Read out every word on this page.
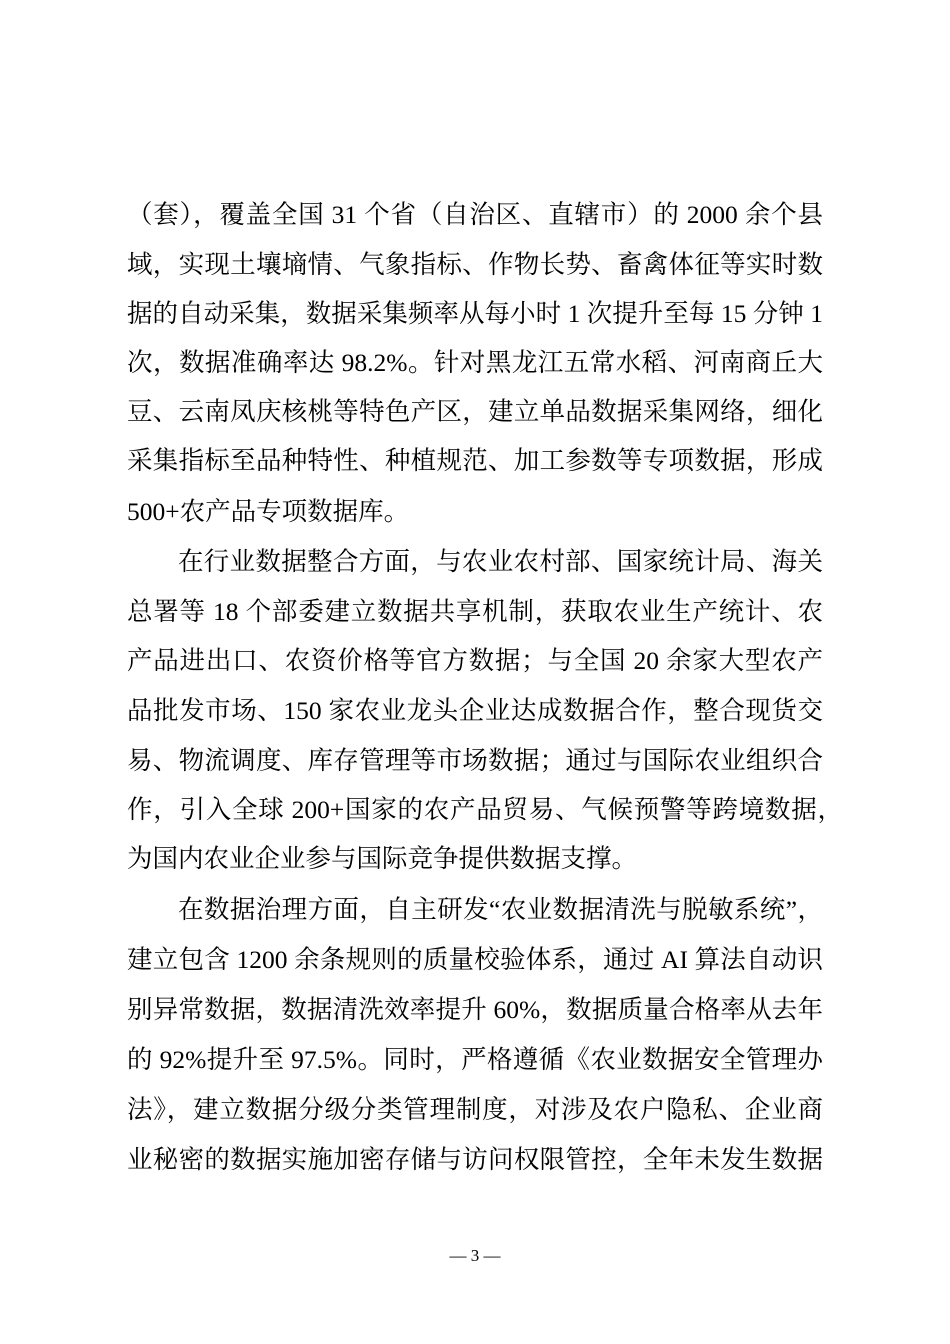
（套），覆盖全国 31 个省（自治区、直辖市）的 2000 余个县
域，实现土壤墒情、气象指标、作物长势、畜禽体征等实时数
据的自动采集，数据采集频率从每小时 1 次提升至每 15 分钟 1
次，数据准确率达 98.2%。针对黑龙江五常水稻、河南商丘大
豆、云南凤庆核桃等特色产区，建立单品数据采集网络，细化
采集指标至品种特性、种植规范、加工参数等专项数据，形成
500+农产品专项数据库。
在行业数据整合方面，与农业农村部、国家统计局、海关
总署等 18 个部委建立数据共享机制，获取农业生产统计、农
产品进出口、农资价格等官方数据；与全国 20 余家大型农产
品批发市场、150 家农业龙头企业达成数据合作，整合现货交
易、物流调度、库存管理等市场数据；通过与国际农业组织合
作，引入全球 200+国家的农产品贸易、气候预警等跨境数据，
为国内农业企业参与国际竞争提供数据支撑。
在数据治理方面，自主研发“农业数据清洗与脱敏系统”，
建立包含 1200 余条规则的质量校验体系，通过 AI 算法自动识
别异常数据，数据清洗效率提升 60%，数据质量合格率从去年
的 92%提升至 97.5%。同时，严格遵循《农业数据安全管理办
法》，建立数据分级分类管理制度，对涉及农户隐私、企业商
业秘密的数据实施加密存储与访问权限管控，全年未发生数据
— 3 —
